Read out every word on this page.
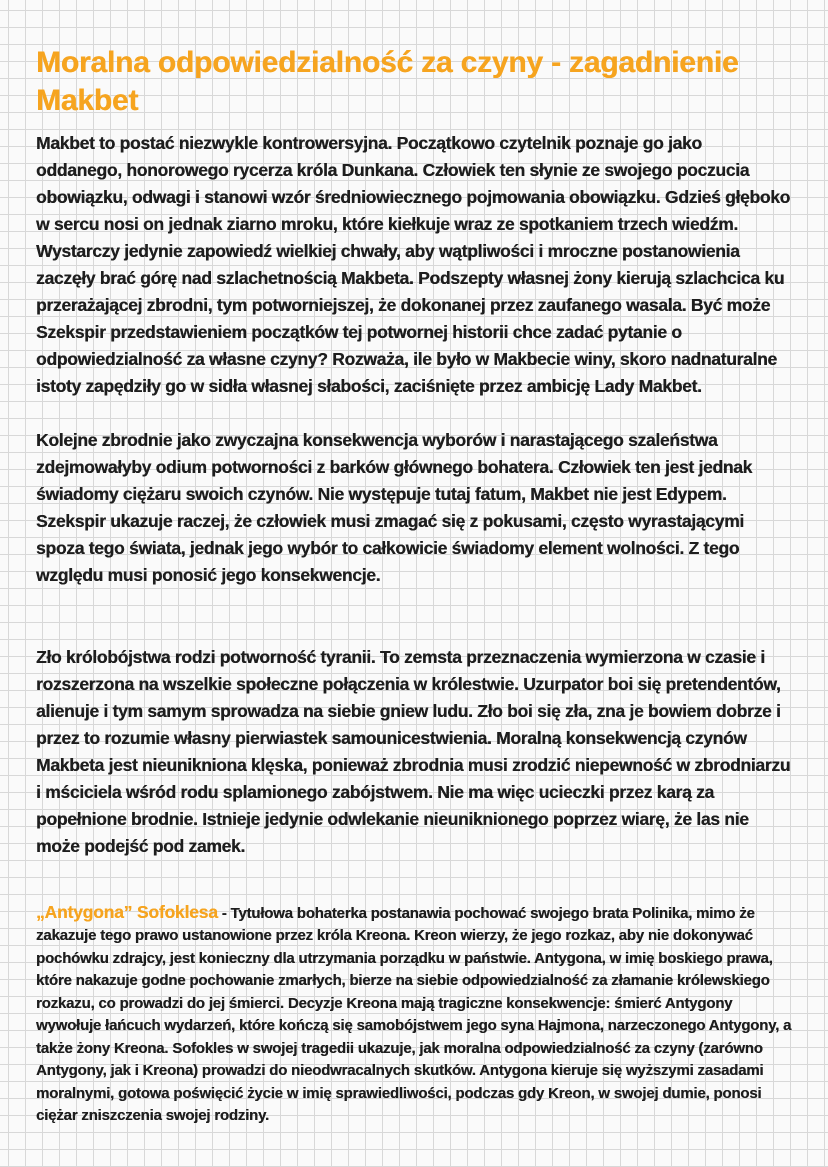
Moralna odpowiedzialność za czyny - zagadnienie Makbet

Makbet to postać niezwykle kontrowersyjna. Początkowo czytelnik poznaje go jako oddanego, honorowego rycerza króla Dunkana. Człowiek ten słynie ze swojego poczucia obowiązku, odwagi i stanowi wzór średniowiecznego pojmowania obowiązku. Gdzieś głęboko w sercu nosi on jednak ziarno mroku, które kiełkuje wraz ze spotkaniem trzech wiedźm. Wystarczy jedynie zapowiedź wielkiej chwały, aby wątpliwości i mroczne postanowienia zaczęły brać górę nad szlachetnością Makbeta. Podszepty własnej żony kierują szlachcica ku przerażającej zbrodni, tym potworniejszej, że dokonanej przez zaufanego wasala. Być może Szekspir przedstawieniem początków tej potwornej historii chce zadać pytanie o odpowiedzialność za własne czyny? Rozważa, ile było w Makbecie winy, skoro nadnaturalne istoty zapędziły go w sidła własnej słabości, zaciśnięte przez ambicję Lady Makbet.

Kolejne zbrodnie jako zwyczajna konsekwencja wyborów i narastającego szaleństwa zdejmowałyby odium potworności z barków głównego bohatera. Człowiek ten jest jednak świadomy ciężaru swoich czynów. Nie występuje tutaj fatum, Makbet nie jest Edypem. Szekspir ukazuje raczej, że człowiek musi zmagać się z pokusami, często wyrastającymi spoza tego świata, jednak jego wybór to całkowicie świadomy element wolności. Z tego względu musi ponosić jego konsekwencje.

Zło królobójstwa rodzi potworność tyranii. To zemsta przeznaczenia wymierzona w czasie i rozszerzona na wszelkie społeczne połączenia w królestwie. Uzurpator boi się pretendentów, alienuje i tym samym sprowadza na siebie gniew ludu. Zło boi się zła, zna je bowiem dobrze i przez to rozumie własny pierwiastek samounicestwienia. Moralną konsekwencją czynów Makbeta jest nieunikniona klęska, ponieważ zbrodnia musi zrodzić niepewność w zbrodniarzu i mściciela wśród rodu splamionego zabójstwem. Nie ma więc ucieczki przez karą za popełnione brodnie. Istnieje jedynie odwlekanie nieuniknionego poprzez wiarę, że las nie może podejść pod zamek.

„Antygona” Sofoklesa - Tytułowa bohaterka postanawia pochować swojego brata Polinika, mimo że zakazuje tego prawo ustanowione przez króla Kreona. Kreon wierzy, że jego rozkaz, aby nie dokonywać pochówku zdrajcy, jest konieczny dla utrzymania porządku w państwie. Antygona, w imię boskiego prawa, które nakazuje godne pochowanie zmarłych, bierze na siebie odpowiedzialność za złamanie królewskiego rozkazu, co prowadzi do jej śmierci. Decyzje Kreona mają tragiczne konsekwencje: śmierć Antygony wywołuje łańcuch wydarzeń, które kończą się samobójstwem jego syna Hajmona, narzeczonego Antygony, a także żony Kreona. Sofokles w swojej tragedii ukazuje, jak moralna odpowiedzialność za czyny (zarówno Antygony, jak i Kreona) prowadzi do nieodwracalnych skutków. Antygona kieruje się wyższymi zasadami moralnymi, gotowa poświęcić życie w imię sprawiedliwości, podczas gdy Kreon, w swojej dumie, ponosi ciężar zniszczenia swojej rodziny.
